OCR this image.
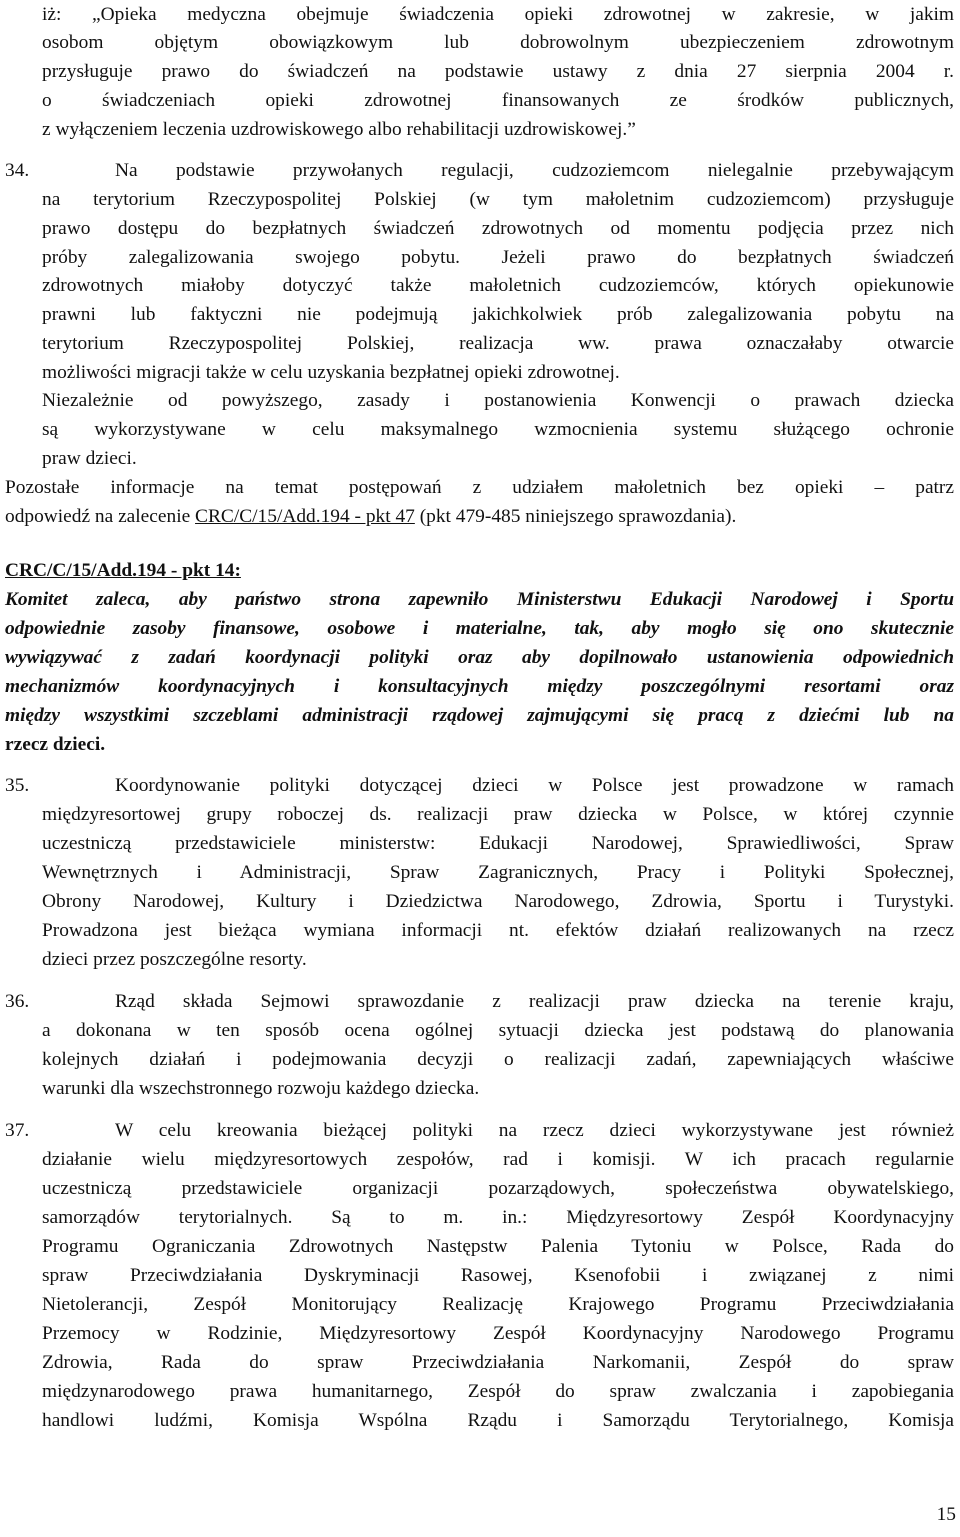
iż: „Opieka medyczna obejmuje świadczenia opieki zdrowotnej w zakresie, w jakim
osobom objętym obowiązkowym lub dobrowolnym ubezpieczeniem zdrowotnym
przysługuje prawo do świadczeń na podstawie ustawy z dnia 27 sierpnia 2004 r.
o świadczeniach opieki zdrowotnej finansowanych ze środków publicznych,
z wyłączeniem leczenia uzdrowiskowego albo rehabilitacji uzdrowiskowej.”
34.	Na podstawie przywołanych regulacji, cudzoziemcom nielegalnie przebywającym
na terytorium Rzeczypospolitej Polskiej (w tym małoletnim cudzoziemcom) przysługuje
prawo dostępu do bezpłatnych świadczeń zdrowotnych od momentu podjęcia przez nich
próby zalegalizowania swojego pobytu. Jeżeli prawo do bezpłatnych świadczeń
zdrowotnych miałoby dotyczyć także małoletnich cudzoziemców, których opiekunowie
prawni lub faktyczni nie podejmują jakichkolwiek prób zalegalizowania pobytu na
terytorium Rzeczypospolitej Polskiej, realizacja ww. prawa oznaczałaby otwarcie
możliwości migracji także w celu uzyskania bezpłatnej opieki zdrowotnej.
Niezależnie od powyższego, zasady i postanowienia Konwencji o prawach dziecka
są wykorzystywane w celu maksymalnego wzmocnienia systemu służącego ochronie
praw dzieci.
Pozostałe informacje na temat postępowań z udziałem małoletnich bez opieki – patrz
odpowiedź na zalecenie CRC/C/15/Add.194 - pkt 47 (pkt 479-485 niniejszego sprawozdania).
CRC/C/15/Add.194 - pkt 14:
Komitet zaleca, aby państwo strona zapewniło Ministerstwu Edukacji Narodowej i Sportu
odpowiednie zasoby finansowe, osobowe i materialne, tak, aby mogło się ono skutecznie
wywiązywać z zadań koordynacji polityki oraz aby dopilnowało ustanowienia odpowiednich
mechanizmów koordynacyjnych i konsultacyjnych między poszczególnymi resortami oraz
między wszystkimi szczeblami administracji rządowej zajmującymi się pracą z dziećmi lub na
rzecz dzieci.
35.	Koordynowanie polityki dotyczącej dzieci w Polsce jest prowadzone w ramach
międzyresortowej grupy roboczej ds. realizacji praw dziecka w Polsce, w której czynnie
uczestniczą przedstawiciele ministerstw: Edukacji Narodowej, Sprawiedliwości, Spraw
Wewnętrznych i Administracji, Spraw Zagranicznych, Pracy i Polityki Społecznej,
Obrony Narodowej, Kultury i Dziedzictwa Narodowego, Zdrowia, Sportu i Turystyki.
Prowadzona jest bieżąca wymiana informacji nt. efektów działań realizowanych na rzecz
dzieci przez poszczególne resorty.
36.	Rząd składa Sejmowi sprawozdanie z realizacji praw dziecka na terenie kraju,
a dokonana w ten sposób ocena ogólnej sytuacji dziecka jest podstawą do planowania
kolejnych działań i podejmowania decyzji o realizacji zadań, zapewniających właściwe
warunki dla wszechstronnego rozwoju każdego dziecka.
37.	W celu kreowania bieżącej polityki na rzecz dzieci wykorzystywane jest również
działanie wielu międzyresortowych zespołów, rad i komisji. W ich pracach regularnie
uczestniczą przedstawiciele organizacji pozarządowych, społeczeństwa obywatelskiego,
samorządów terytorialnych. Są to m. in.: Międzyresortowy Zespół Koordynacyjny
Programu Ograniczania Zdrowotnych Następstw Palenia Tytoniu w Polsce, Rada do
spraw Przeciwdziałania Dyskryminacji Rasowej, Ksenofobii i związanej z nimi
Nietolerancji, Zespół Monitorujący Realizację Krajowego Programu Przeciwdziałania
Przemocy w Rodzinie, Międzyresortowy Zespół Koordynacyjny Narodowego Programu
Zdrowia, Rada do spraw Przeciwdziałania Narkomanii, Zespół do spraw
międzynarodowego prawa humanitarnego, Zespół do spraw zwalczania i zapobiegania
handlowi ludźmi, Komisja Wspólna Rządu i Samorządu Terytorialnego, Komisja
15
